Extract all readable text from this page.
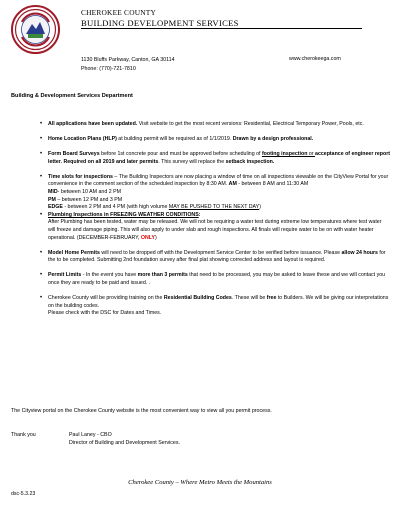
CHEROKEE COUNTY
BUILDING DEVELOPMENT SERVICES
1130 Bluffs Parkway, Canton, GA 30114
Phone: (770)-721-7810
www.cherokeega.com
Building & Development Services Department
• All applications have been updated. Visit website to get the most recent versions: Residential, Electrical Temporary Power, Pools, etc.
• Home Location Plans (HLP) at building permit will be required as of 1/1/2019. Drawn by a design professional.
• Form Board Surveys before 1st concrete pour and must be approved before scheduling of footing inspection or acceptance of engineer report letter. Required on all 2019 and later permits. This survey will replace the setback inspection.

• Time slots for inspections – The Building Inspectors are now placing a window of time on all inspections viewable on the CityView Portal for your convenience in the comment section of the scheduled inspection by 8:30 AM. AM - between 8 AM and 11:30 AM

MID- between 10 AM and 2 PM

PM – between 12 PM and 3 PM

EDGE - between 2 PM and 4 PM (with high volume MAY BE PUSHED TO THE NEXT DAY)

• Plumbing Inspections in FREEZING WEATHER CONDITIONS:

After Plumbing has been tested, water may be released. We will not be requiring a water test during extreme low temperatures where test water will freeze and damage piping. This will also apply to under slab and rough inspections. All finals will require water to be on with water heater operational. (DECEMBER-FEBRUARY, ONLY)

• Model Home Permits will need to be dropped off with the Development Service Center to be verified before issuance. Please allow 24 hours for the to be completed. Submitting 2nd foundation survey after final plat showing corrected address and layout is required.
• Permit Limits - In the event you have more than 3 permits that need to be processed, you may be asked to leave these and we will contact you once they are ready to be paid and issued. .

• Cherokee County will be providing training on the Residential Building Codes. These will be free to Builders. We will be giving our interpretations on the building codes.

Please check with the DSC for Dates and Times.

The Cityview portal on the Cherokee County website is the most convenient way to view all you permit process.
Thank you	Paul Laney - CBO
Director of Building and Development Services.
Cherokee County – Where Metro Meets the Mountains
dsc-5.3.23
